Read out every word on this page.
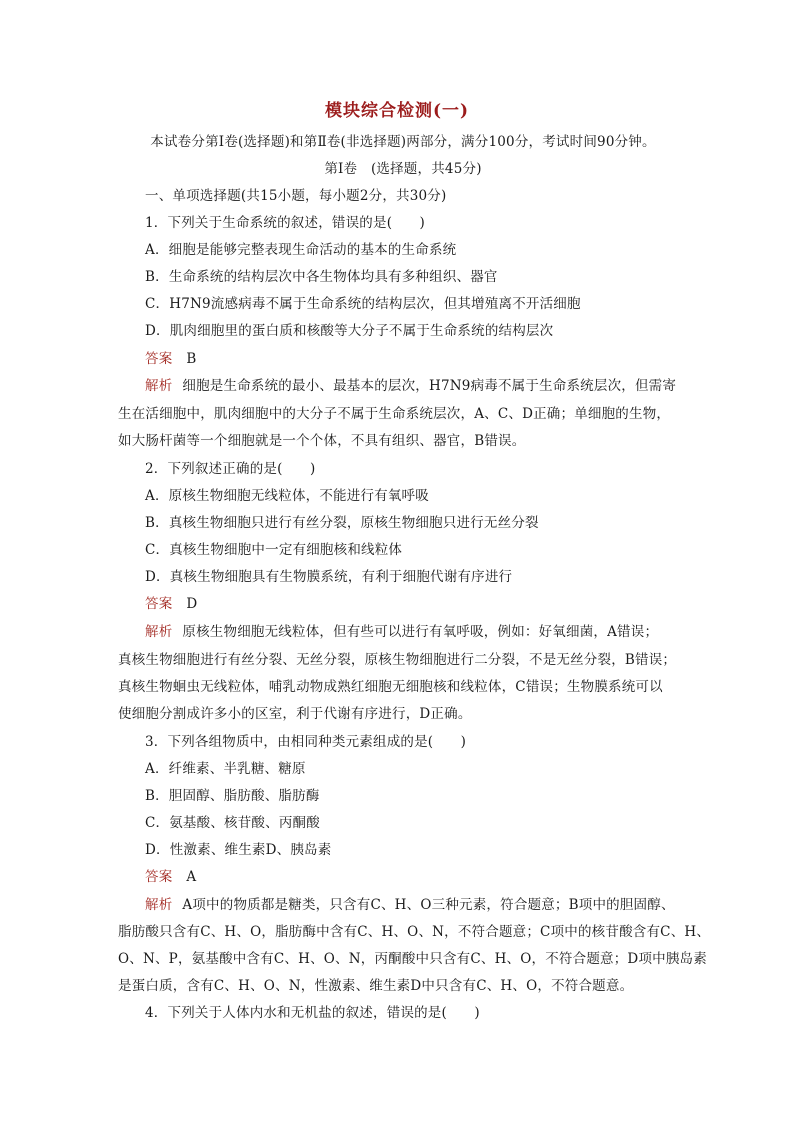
模块综合检测(一)
本试卷分第Ⅰ卷(选择题)和第Ⅱ卷(非选择题)两部分，满分100分，考试时间90分钟。
第Ⅰ卷　(选择题，共45分)
一、单项选择题(共15小题，每小题2分，共30分)
1．下列关于生命系统的叙述，错误的是(　　)
A．细胞是能够完整表现生命活动的基本的生命系统
B．生命系统的结构层次中各生物体均具有多种组织、器官
C．H7N9流感病毒不属于生命系统的结构层次，但其增殖离不开活细胞
D．肌肉细胞里的蛋白质和核酸等大分子不属于生命系统的结构层次
答案 B
解析 细胞是生命系统的最小、最基本的层次，H7N9病毒不属于生命系统层次，但需寄
生在活细胞中，肌肉细胞中的大分子不属于生命系统层次，A、C、D正确；单细胞的生物，
如大肠杆菌等一个细胞就是一个个体，不具有组织、器官，B错误。
2．下列叙述正确的是(　　)
A．原核生物细胞无线粒体，不能进行有氧呼吸
B．真核生物细胞只进行有丝分裂，原核生物细胞只进行无丝分裂
C．真核生物细胞中一定有细胞核和线粒体
D．真核生物细胞具有生物膜系统，有利于细胞代谢有序进行
答案 D
解析 原核生物细胞无线粒体，但有些可以进行有氧呼吸，例如：好氧细菌，A错误；
真核生物细胞进行有丝分裂、无丝分裂，原核生物细胞进行二分裂，不是无丝分裂，B错误；
真核生物蛔虫无线粒体，哺乳动物成熟红细胞无细胞核和线粒体，C错误；生物膜系统可以
使细胞分割成许多小的区室，利于代谢有序进行，D正确。
3．下列各组物质中，由相同种类元素组成的是(　　)
A．纤维素、半乳糖、糖原
B．胆固醇、脂肪酸、脂肪酶
C．氨基酸、核苷酸、丙酮酸
D．性激素、维生素D、胰岛素
答案 A
解析 A项中的物质都是糖类，只含有C、H、O三种元素，符合题意；B项中的胆固醇、
脂肪酸只含有C、H、O，脂肪酶中含有C、H、O、N，不符合题意；C项中的核苷酸含有C、H、
O、N、P，氨基酸中含有C、H、O、N，丙酮酸中只含有C、H、O，不符合题意；D项中胰岛素
是蛋白质，含有C、H、O、N，性激素、维生素D中只含有C、H、O，不符合题意。
4．下列关于人体内水和无机盐的叙述，错误的是(　　)
